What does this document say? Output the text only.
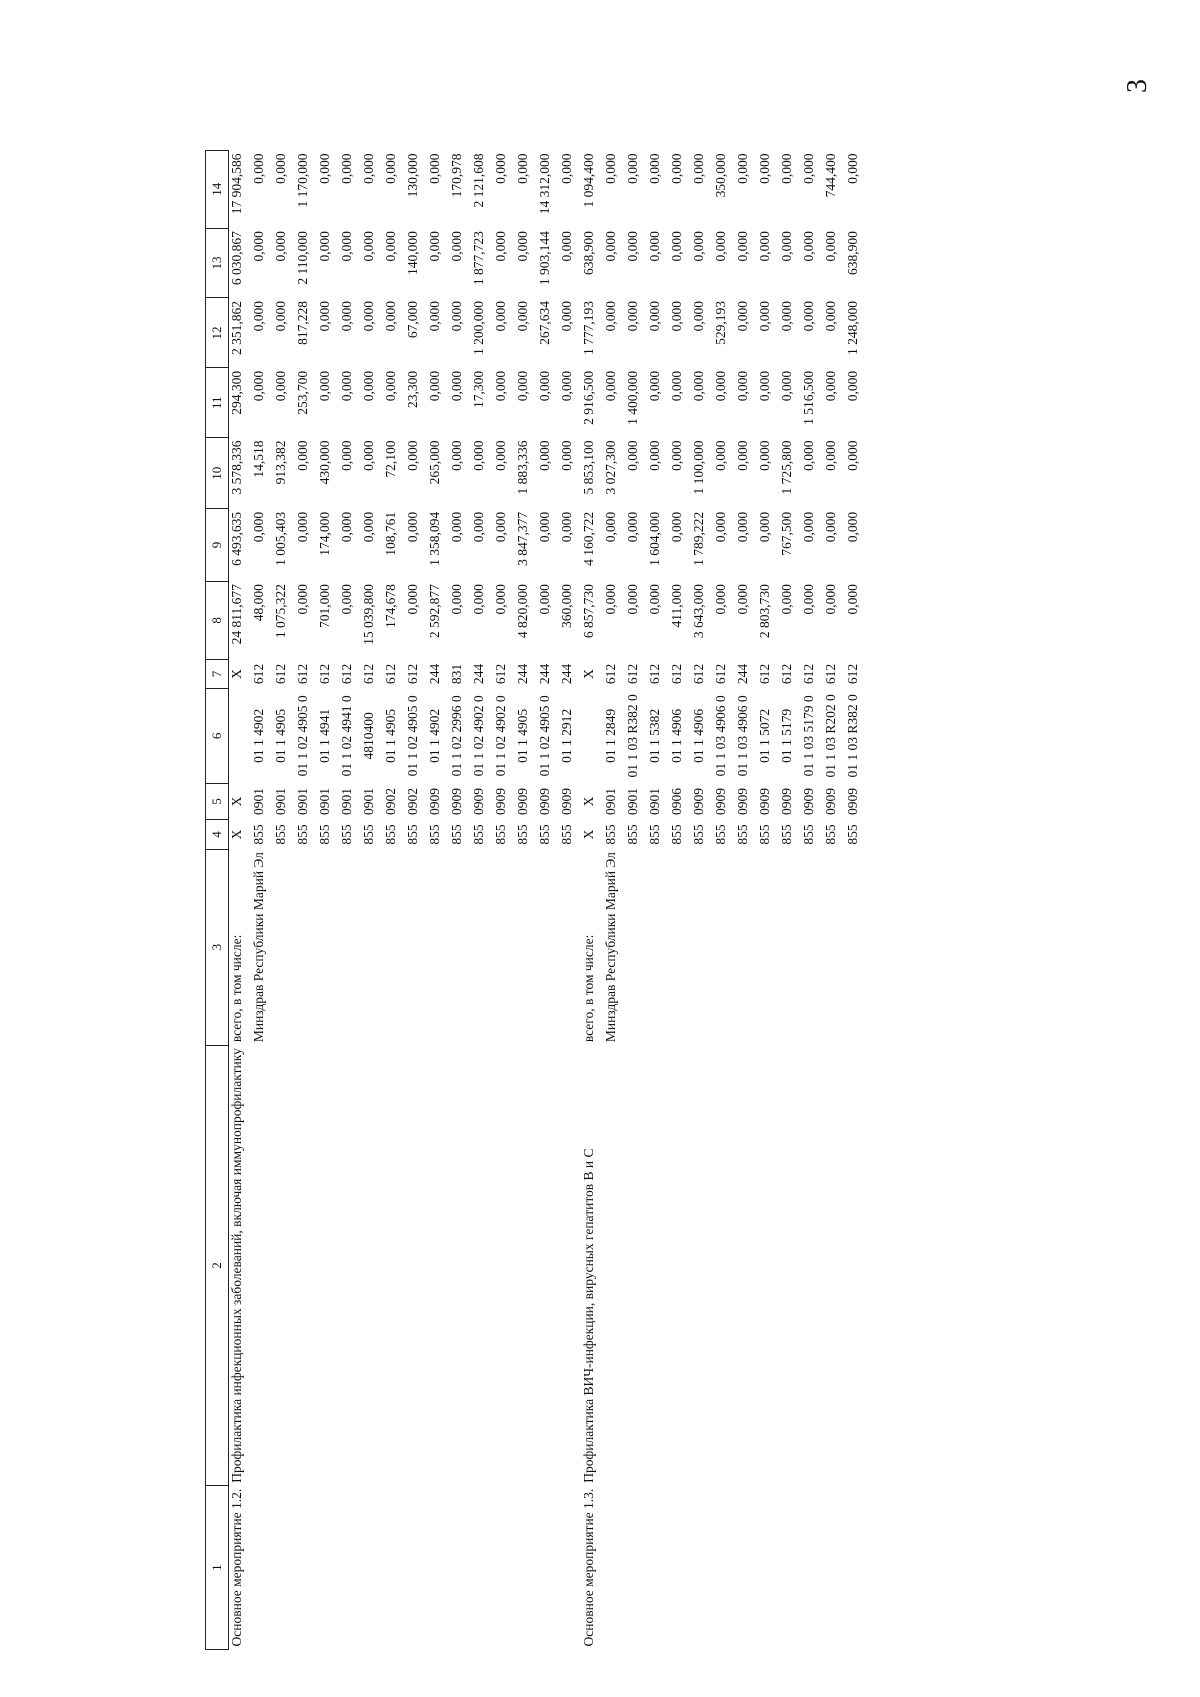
3
1	2	3	4	5	6	7	8	9	10	11	12	13	14
Основное мероприятие 1.2.	Профилактика инфекционных заболеваний, включая иммунопрофилактику	всего, в том числе:	X	X		X	24 811,677	6 493,635	3 578,336	294,300	2 351,862	6 030,867	17 904,586
		Минздрав Республики Марий Эл	855	0901	01 1 4902	612	48,000	0,000	14,518	0,000	0,000	0,000	0,000
			855	0901	01 1 4905	612	1 075,322	1 005,403	913,382	0,000	0,000	0,000	0,000
			855	0901	01 1 02 4905 0	612	0,000	0,000	0,000	253,700	817,228	2 110,000	1 170,000
			855	0901	01 1 4941	612	701,000	174,000	430,000	0,000	0,000	0,000	0,000
			855	0901	01 1 02 4941 0	612	0,000	0,000	0,000	0,000	0,000	0,000	0,000
			855	0901	4810400	612	15 039,800	0,000	0,000	0,000	0,000	0,000	0,000
			855	0902	01 1 4905	612	174,678	108,761	72,100	0,000	0,000	0,000	0,000
			855	0902	01 1 02 4905 0	612	0,000	0,000	0,000	23,300	67,000	140,000	130,000
			855	0909	01 1 4902	244	2 592,877	1 358,094	265,000	0,000	0,000	0,000	0,000
			855	0909	01 1 02 2996 0	831	0,000	0,000	0,000	0,000	0,000	0,000	170,978
			855	0909	01 1 02 4902 0	244	0,000	0,000	0,000	17,300	1 200,000	1 877,723	2 121,608
			855	0909	01 1 02 4902 0	612	0,000	0,000	0,000	0,000	0,000	0,000	0,000
			855	0909	01 1 4905	244	4 820,000	3 847,377	1 883,336	0,000	0,000	0,000	0,000
			855	0909	01 1 02 4905 0	244	0,000	0,000	0,000	0,000	267,634	1 903,144	14 312,000
			855	0909	01 1 2912	244	360,000	0,000	0,000	0,000	0,000	0,000	0,000
Основное мероприятие 1.3.	Профилактика ВИЧ-инфекции, вирусных гепатитов В и С	всего, в том числе:	X	X		X	6 857,730	4 160,722	5 853,100	2 916,500	1 777,193	638,900	1 094,400
		Минздрав Республики Марий Эл	855	0901	01 1 2849	612	0,000	0,000	3 027,300	0,000	0,000	0,000	0,000
			855	0901	01 1 03 R382 0	612	0,000	0,000	0,000	1 400,000	0,000	0,000	0,000
			855	0901	01 1 5382	612	0,000	1 604,000	0,000	0,000	0,000	0,000	0,000
			855	0906	01 1 4906	612	411,000	0,000	0,000	0,000	0,000	0,000	0,000
			855	0909	01 1 4906	612	3 643,000	1 789,222	1 100,000	0,000	0,000	0,000	0,000
			855	0909	01 1 03 4906 0	612	0,000	0,000	0,000	0,000	529,193	0,000	350,000
			855	0909	01 1 03 4906 0	244	0,000	0,000	0,000	0,000	0,000	0,000	0,000
			855	0909	01 1 5072	612	2 803,730	0,000	0,000	0,000	0,000	0,000	0,000
			855	0909	01 1 5179	612	0,000	767,500	1 725,800	0,000	0,000	0,000	0,000
			855	0909	01 1 03 5179 0	612	0,000	0,000	0,000	1 516,500	0,000	0,000	0,000
			855	0909	01 1 03 R202 0	612	0,000	0,000	0,000	0,000	0,000	0,000	744,400
			855	0909	01 1 03 R382 0	612	0,000	0,000	0,000	0,000	1 248,000	638,900	0,000
